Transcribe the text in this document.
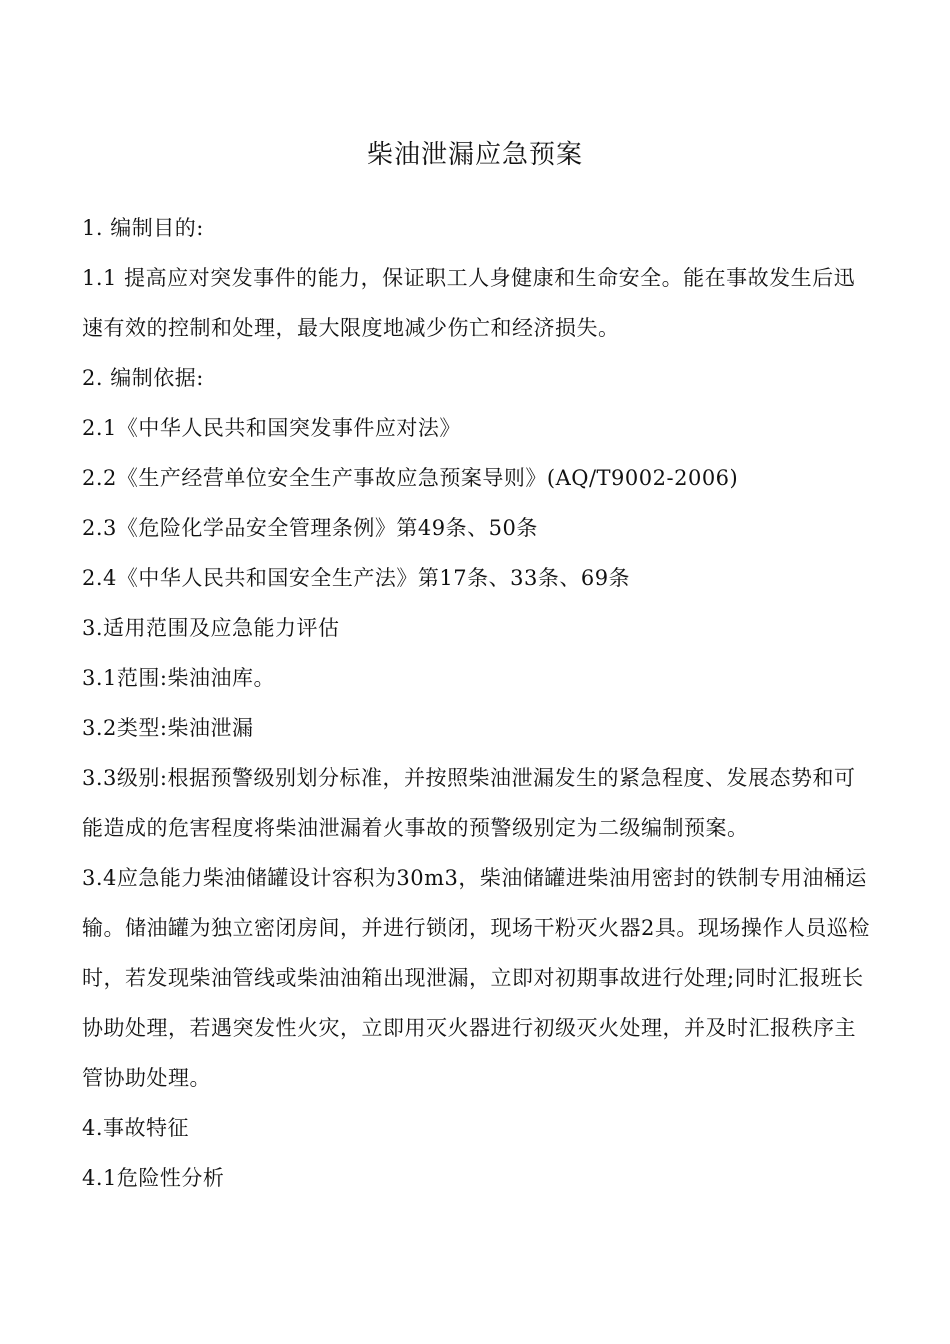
柴油泄漏应急预案

1. 编制目的:

1.1 提高应对突发事件的能力，保证职工人身健康和生命安全。能在事故发生后迅速有效的控制和处理，最大限度地减少伤亡和经济损失。

2. 编制依据:

2.1《中华人民共和国突发事件应对法》

2.2《生产经营单位安全生产事故应急预案导则》(AQ/T9002-2006)

2.3《危险化学品安全管理条例》第49条、50条

2.4《中华人民共和国安全生产法》第17条、33条、69条

3.适用范围及应急能力评估

3.1范围:柴油油库。

3.2类型:柴油泄漏

3.3级别:根据预警级别划分标准，并按照柴油泄漏发生的紧急程度、发展态势和可能造成的危害程度将柴油泄漏着火事故的预警级别定为二级编制预案。

3.4应急能力柴油储罐设计容积为30m3，柴油储罐进柴油用密封的铁制专用油桶运输。储油罐为独立密闭房间，并进行锁闭，现场干粉灭火器2具。现场操作人员巡检时，若发现柴油管线或柴油油箱出现泄漏，立即对初期事故进行处理;同时汇报班长协助处理，若遇突发性火灾，立即用灭火器进行初级灭火处理，并及时汇报秩序主管协助处理。

4.事故特征

4.1危险性分析
